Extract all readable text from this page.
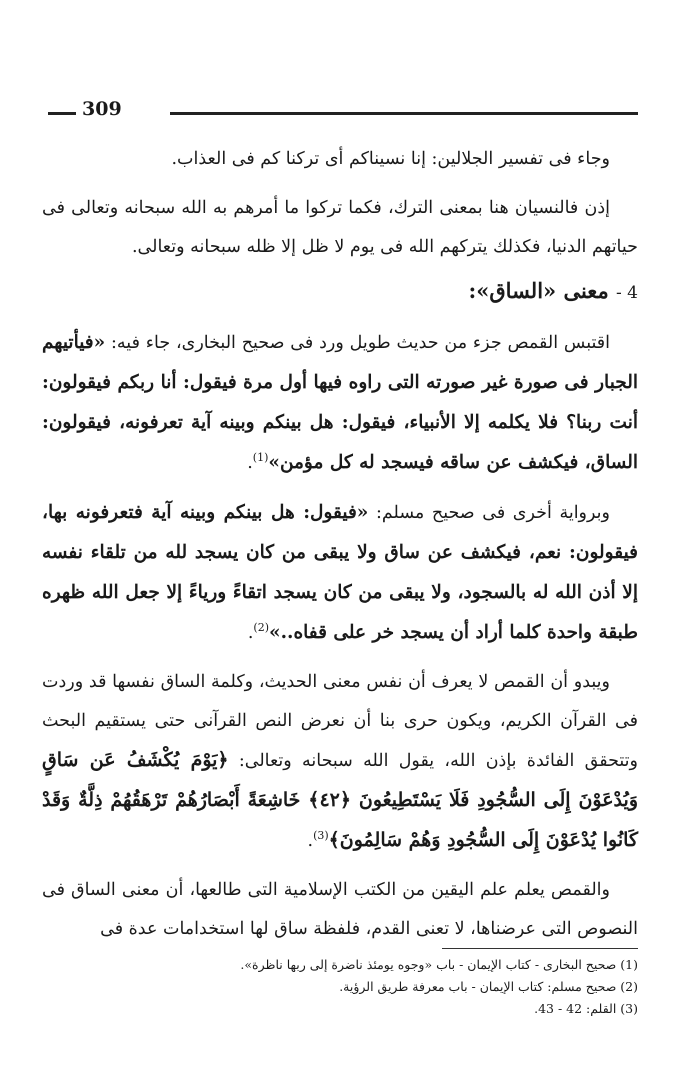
309

وجاء فى تفسير الجلالين: إنا نسيناكم أى تركنا كم فى العذاب.

إذن فالنسيان هنا بمعنى الترك، فكما تركوا ما أمرهم به الله سبحانه وتعالى فى حياتهم الدنيا، فكذلك يتركهم الله فى يوم لا ظل إلا ظله سبحانه وتعالى.

4 - معنى «الساق»:

اقتبس القمص جزء من حديث طويل ورد فى صحيح البخارى، جاء فيه: «فيأتيهم الجبار فى صورة غير صورته التى راوه فيها أول مرة فيقول: أنا ربكم فيقولون: أنت ربنا؟ فلا يكلمه إلا الأنبياء، فيقول: هل بينكم وبينه آية تعرفونه، فيقولون: الساق، فيكشف عن ساقه فيسجد له كل مؤمن»$^{(1)}$.

وبرواية أخرى فى صحيح مسلم: «فيقول: هل بينكم وبينه آية فتعرفونه بها، فيقولون: نعم، فيكشف عن ساق ولا يبقى من كان يسجد لله من تلقاء نفسه إلا أذن الله له بالسجود، ولا يبقى من كان يسجد اتقاءً ورياءً إلا جعل الله ظهره طبقة واحدة كلما أراد أن يسجد خر على قفاه..»$^{(2)}$.

ويبدو أن القمص لا يعرف أن نفس معنى الحديث، وكلمة الساق نفسها قد وردت فى القرآن الكريم، ويكون حرى بنا أن نعرض النص القرآنى حتى يستقيم البحث وتتحقق الفائدة بإذن الله، يقول الله سبحانه وتعالى: ﴿يَوْمَ يُكْشَفُ عَن سَاقٍ وَيُدْعَوْنَ إِلَى السُّجُودِ فَلَا يَسْتَطِيعُونَ ﴿٤٢﴾ خَاشِعَةً أَبْصَارُهُمْ تَرْهَقُهُمْ ذِلَّةٌ وَقَدْ كَانُوا يُدْعَوْنَ إِلَى السُّجُودِ وَهُمْ سَالِمُونَ﴾$^{(3)}$.

والقمص يعلم علم اليقين من الكتب الإسلامية التى طالعها، أن معنى الساق فى النصوص التى عرضناها، لا تعنى القدم، فلفظة ساق لها استخدامات عدة فى

(1) صحيح البخارى - كتاب الإيمان - باب «وجوه يومئذ ناضرة إلى ربها ناظرة».

(2) صحيح مسلم: كتاب الإيمان - باب معرفة طريق الرؤية.

(3) القلم: 42 - 43.
